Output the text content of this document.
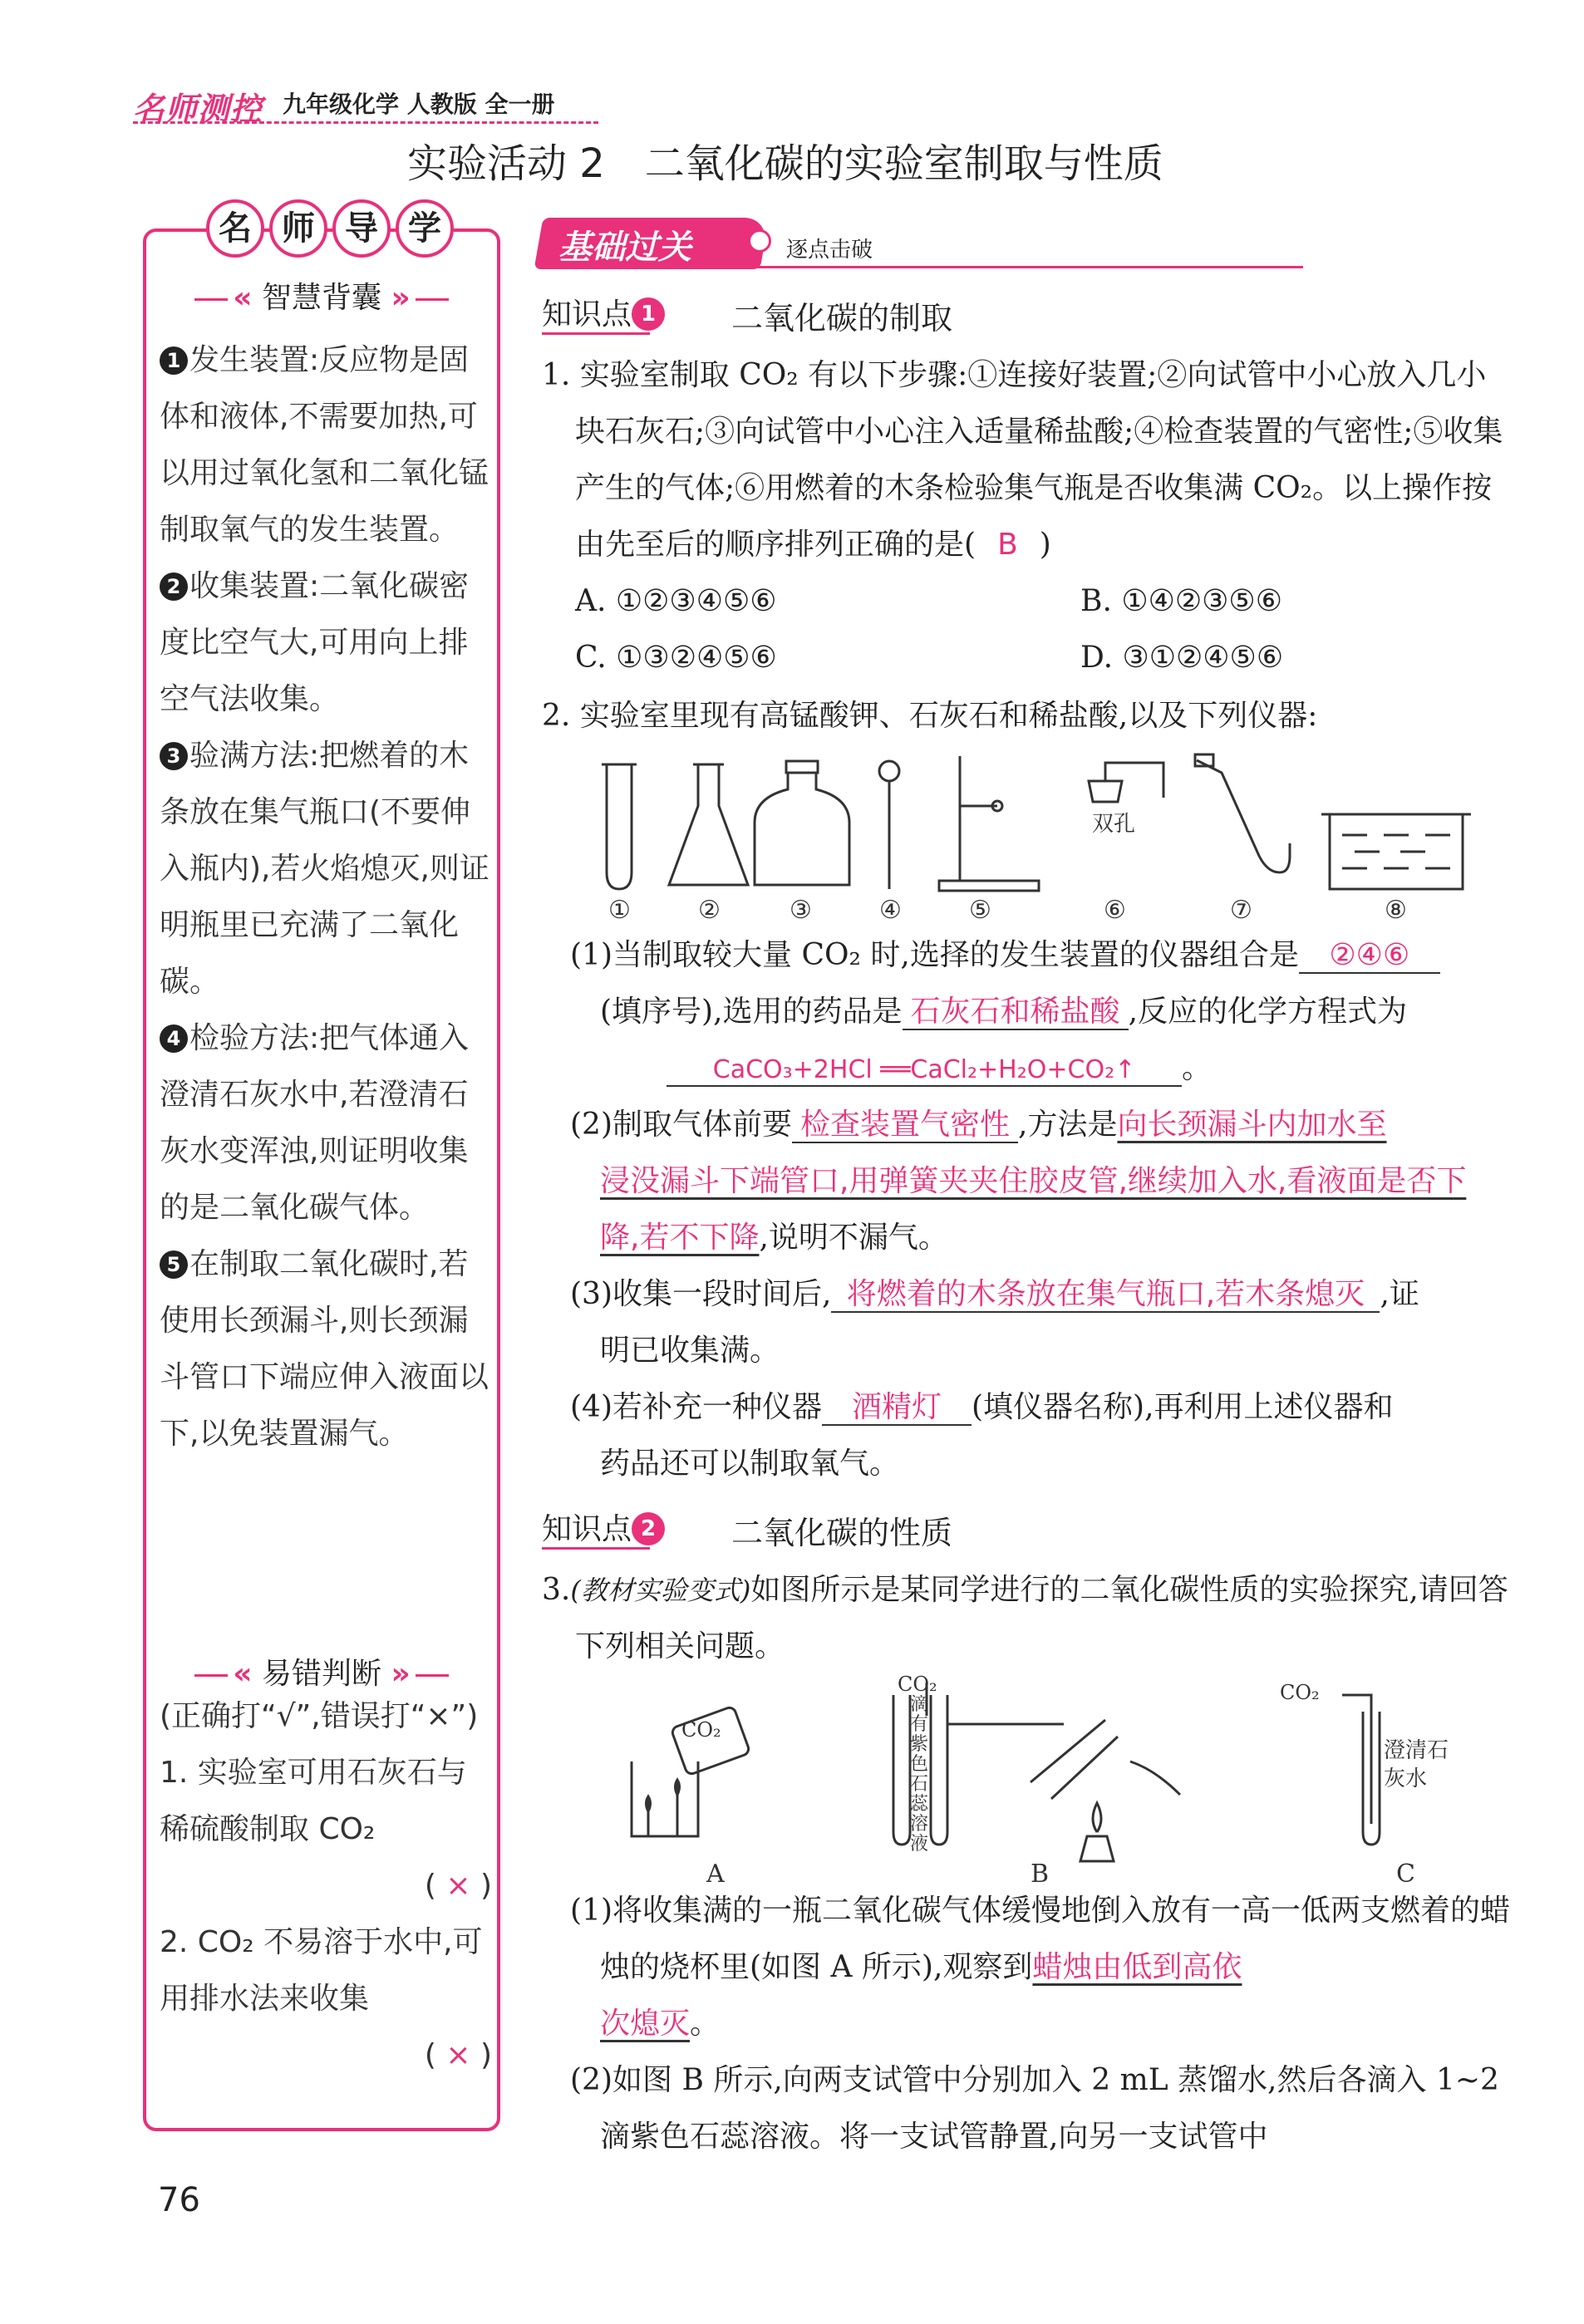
名师测控 九年级化学 人教版 全一册
实验活动 2　二氧化碳的实验室制取与性质
名 师 导 学
« 智慧背囊 »

1 发生装置:反应物是固体和液体,不需要加热,可以用过氧化氢和二氧化锰制取氧气的发生装置。

2 收集装置:二氧化碳密度比空气大,可用向上排空气法收集。

3 验满方法:把燃着的木条放在集气瓶口(不要伸入瓶内),若火焰熄灭,则证明瓶里已充满了二氧化碳。

4 检验方法:把气体通入澄清石灰水中,若澄清石灰水变浑浊,则证明收集的是二氧化碳气体。

5 在制取二氧化碳时,若使用长颈漏斗,则长颈漏斗管口下端应伸入液面以下,以免装置漏气。

« 易错判断 »

(正确打“√”,错误打“×”)

1. 实验室可用石灰石与稀硫酸制取 CO₂

( × )

2. CO₂ 不易溶于水中,可用排水法来收集

( × )

基础过关	逐点击破
知识点 1 二氧化碳的制取

1. 实验室制取 CO₂ 有以下步骤:①连接好装置;②向试管中小心放入几小块石灰石;③向试管中小心注入适量稀盐酸;④检查装置的气密性;⑤收集产生的气体;⑥用燃着的木条检验集气瓶是否收集满 CO₂。以上操作按由先至后的顺序排列正确的是( B )

A. ①②③④⑤⑥	B. ①④②③⑤⑥
C. ①③②④⑤⑥	D. ③①②④⑤⑥
2. 实验室里现有高锰酸钾、石灰石和稀盐酸,以及下列仪器:
双孔
①	②	③	④	⑤	⑥	⑦	⑧

(1)当制取较大量 CO₂ 时,选择的发生装置的仪器组合是 ②④⑥

(填序号),选用的药品是 石灰石和稀盐酸 ,反应的化学方程式为

CaCO₃+2HCl ══CaCl₂+H₂O+CO₂↑ 。

(2)制取气体前要 检查装置气密性 ,方法是向长颈漏斗内加水至

浸没漏斗下端管口,用弹簧夹夹住胶皮管,继续加入水,看液面是否下

降,若不下降,说明不漏气。

(3)收集一段时间后, 将燃着的木条放在集气瓶口,若木条熄灭 ,证

明已收集满。

(4)若补充一种仪器 酒精灯 (填仪器名称),再利用上述仪器和

药品还可以制取氧气。

知识点 2 二氧化碳的性质

3.(教材实验变式)如图所示是某同学进行的二氧化碳性质的实验探究,请回答下列相关问题。

CO₂
CO₂	CO₂
滴有紫色石蕊溶液
澄清石灰水
A	B	C

(1)将收集满的一瓶二氧化碳气体缓慢地倒入放有一高一低两支燃着的蜡烛的烧杯里(如图 A 所示),观察到蜡烛由低到高依

次熄灭。

(2)如图 B 所示,向两支试管中分别加入 2 mL 蒸馏水,然后各滴入 1~2 滴紫色石蕊溶液。将一支试管静置,向另一支试管中

76
